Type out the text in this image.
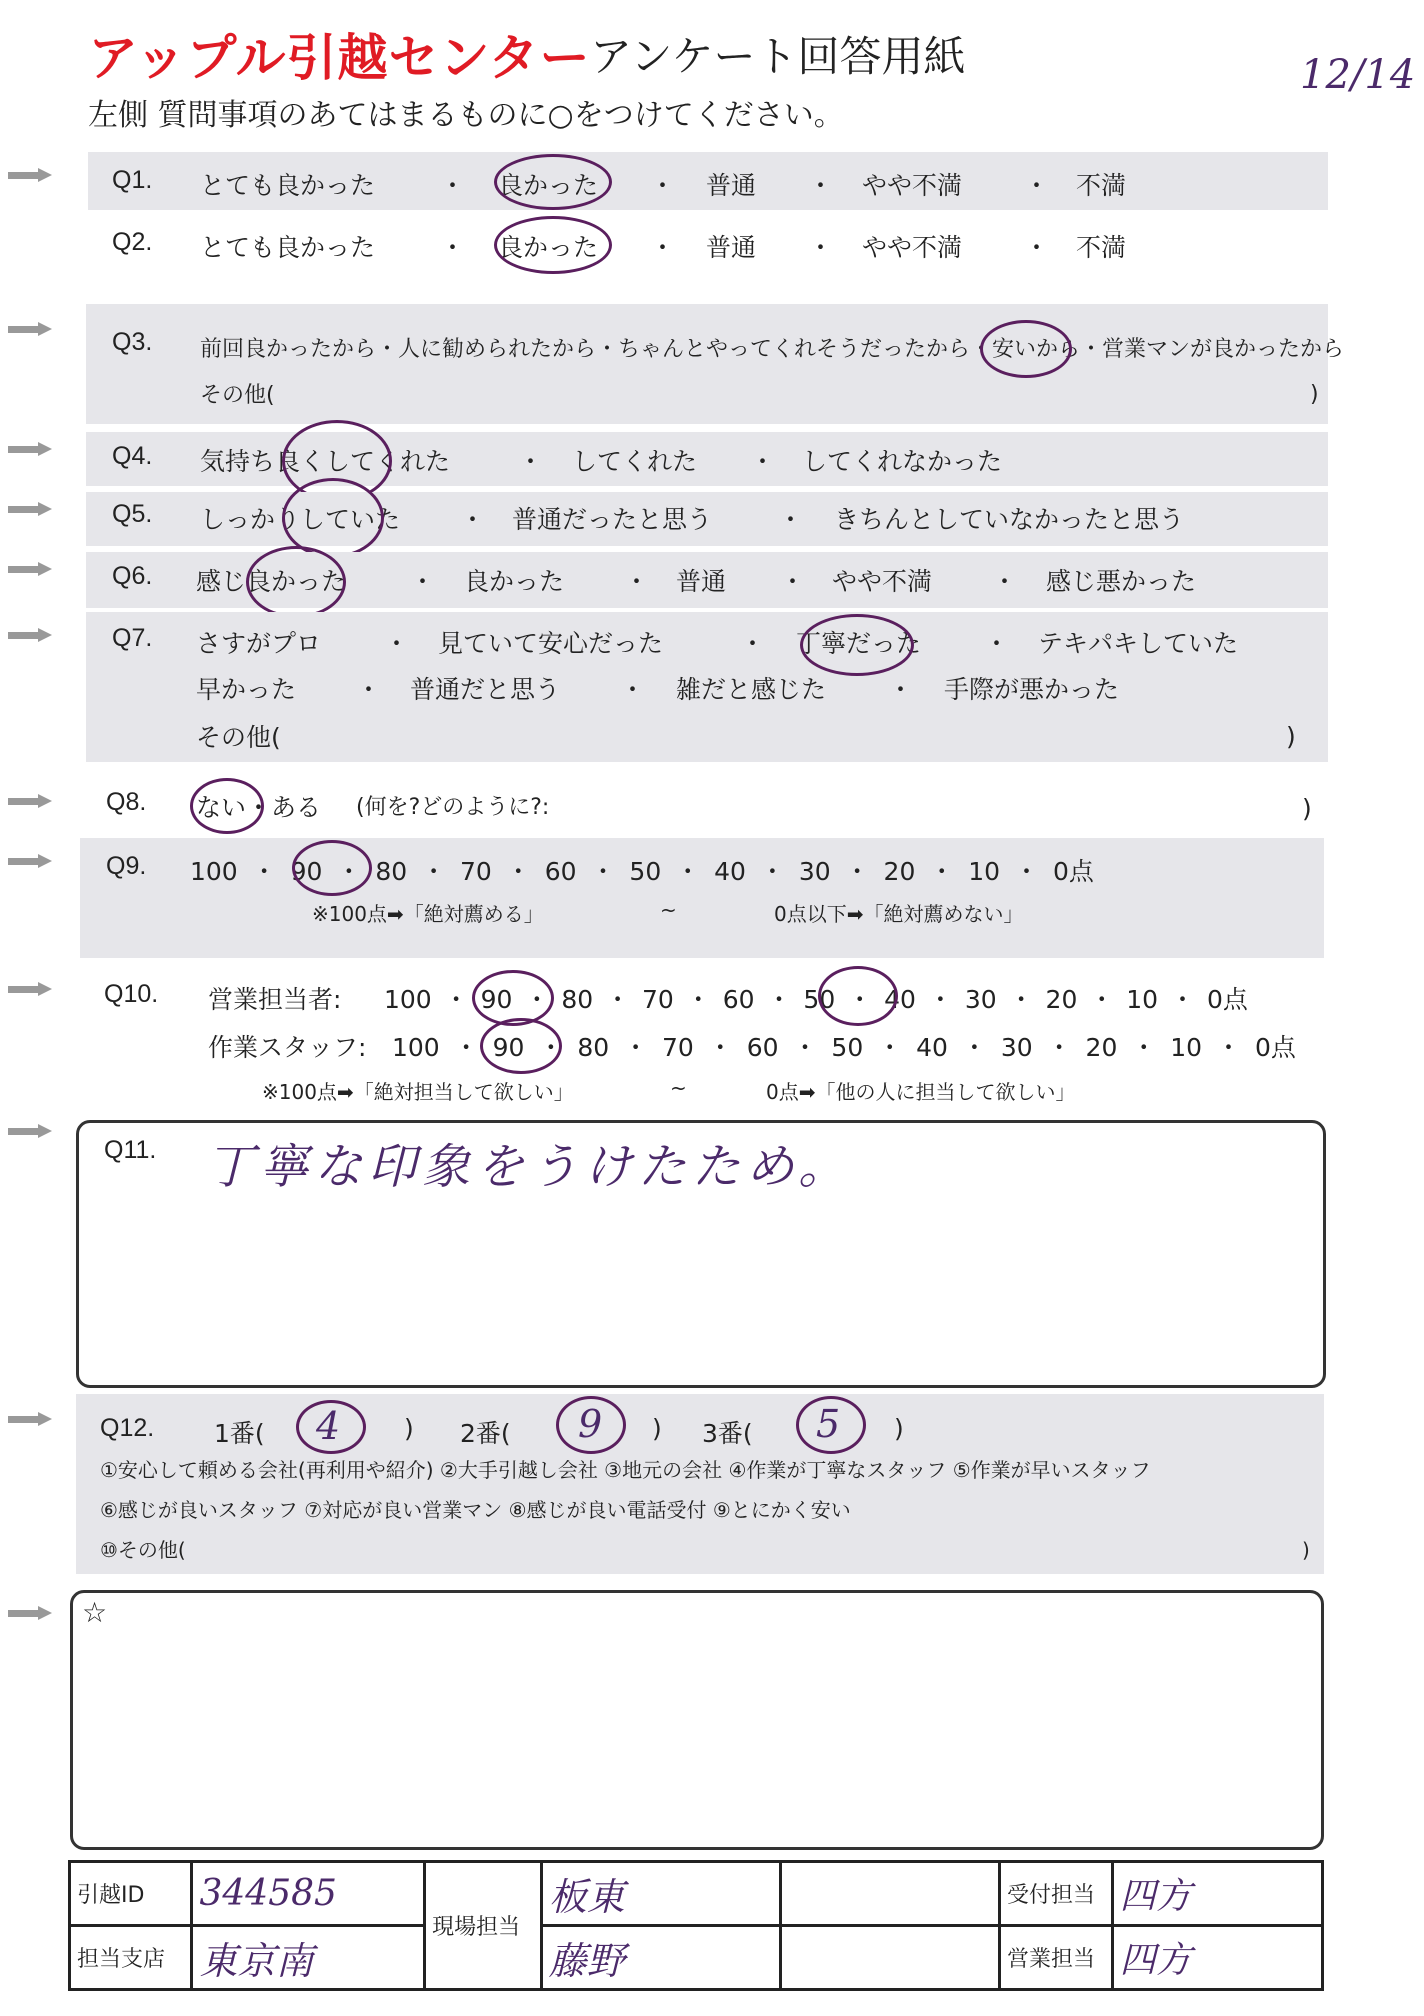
アップル引越センター アンケート回答用紙
左側 質問事項のあてはまるものに○をつけてください。
12/14
Q1. とても良かった	・ 良かった ・ 普通 ・ やや不満 ・ 不満
Q2. とても良かった	・ 良かった ・ 普通 ・ やや不満 ・ 不満
Q3. 前回良かったから・人に勧められたから・ちゃんとやってくれそうだったから・安いから・営業マンが良かったから
その他(	)
Q4. 気持ち良くしてくれた	・ してくれた ・ してくれなかった
Q5. しっかりしていた ・ 普通だったと思う	・ きちんとしていなかったと思う
Q6. 感じ良かった	・ 良かった ・ 普通 ・ やや不満 ・ 感じ悪かった
Q7. さすがプロ	・ 見ていて安心だった	・ 丁寧だった	・ テキパキしていた
早かった ・ 普通だと思う ・ 雑だと感じた ・ 手際が悪かった
その他(	)
Q8. ない・ある (何を?どのように?:	)
Q9. 100 ・ 90 ・ 80 ・ 70 ・ 60 ・ 50 ・ 40 ・ 30 ・ 20 ・ 10 ・ 0点
※100点➡「絶対薦める」	~	0点以下➡「絶対薦めない」
Q10. 営業担当者: 100 ・ 90 ・ 80 ・ 70 ・ 60 ・ 50 ・ 40 ・ 30 ・ 20 ・ 10 ・ 0点
作業スタッフ: 100 ・ 90 ・ 80 ・ 70 ・ 60 ・ 50 ・ 40 ・ 30 ・ 20 ・ 10 ・ 0点
※100点➡「絶対担当して欲しい」	~	0点➡「他の人に担当して欲しい」
Q11. 丁寧な印象をうけたため。
Q12. 1番( 4	) 2番( 9 ) 3番( 5 )
①安心して頼める会社(再利用や紹介) ②大手引越し会社 ③地元の会社 ④作業が丁寧なスタッフ ⑤作業が早いスタッフ
⑥感じが良いスタッフ ⑦対応が良い営業マン ⑧感じが良い電話受付 ⑨とにかく安い
⑩その他(	)
☆
引越ID	344585	現場担当	板東		受付担当	四方
担当支店	東京南		藤野		営業担当	四方
